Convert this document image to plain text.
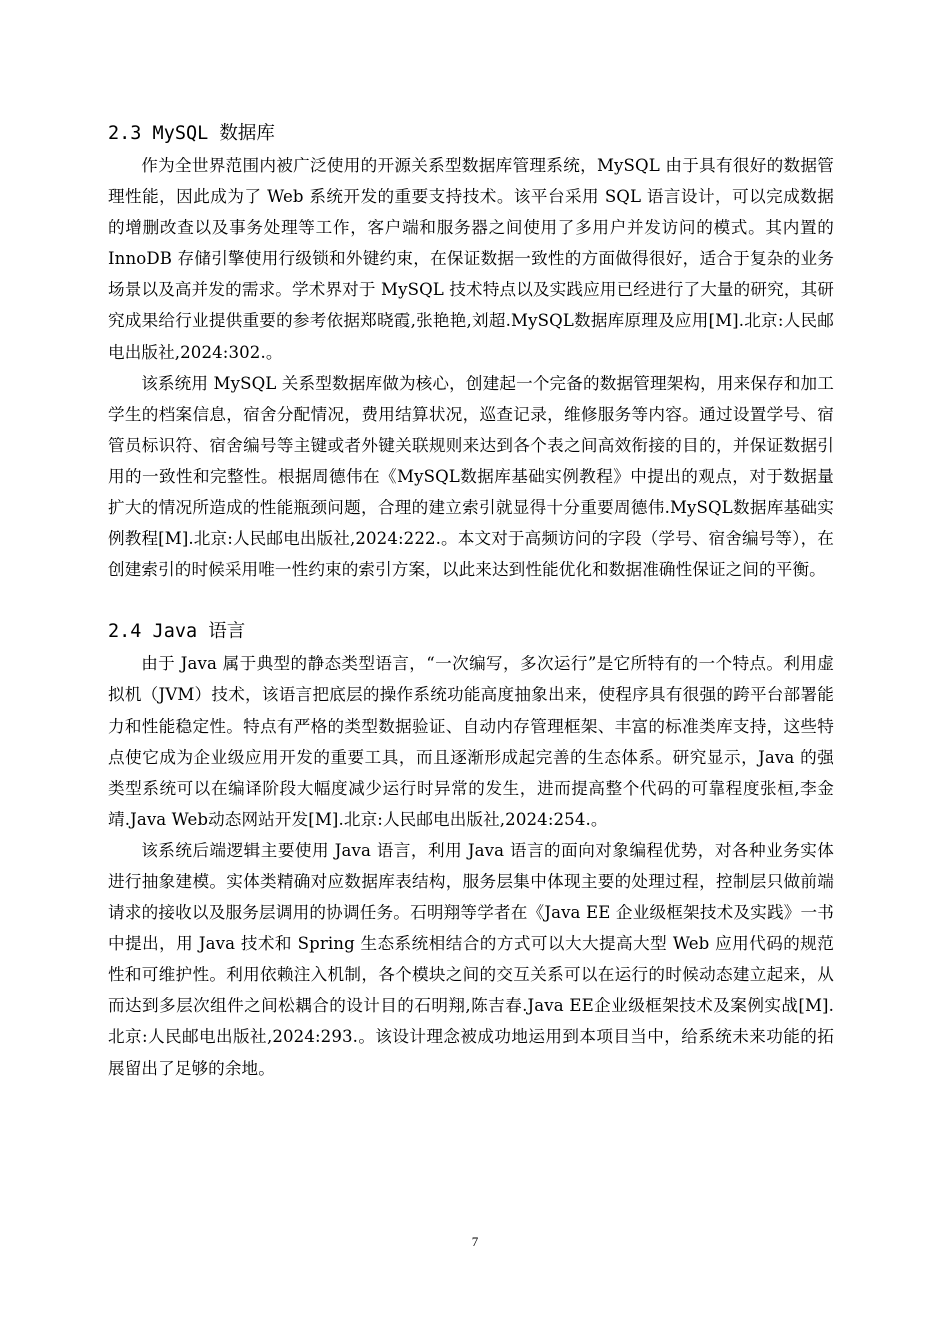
2.3 MySQL 数据库

作为全世界范围内被广泛使用的开源关系型数据库管理系统，MySQL 由于具有很好的数据管理性能，因此成为了 Web 系统开发的重要支持技术。该平台采用 SQL 语言设计，可以完成数据的增删改查以及事务处理等工作，客户端和服务器之间使用了多用户并发访问的模式。其内置的 InnoDB 存储引擎使用行级锁和外键约束，在保证数据一致性的方面做得很好，适合于复杂的业务场景以及高并发的需求。学术界对于 MySQL 技术特点以及实践应用已经进行了大量的研究，其研究成果给行业提供重要的参考依据郑晓霞,张艳艳,刘超.MySQL数据库原理及应用[M].北京:人民邮电出版社,2024:302.。

该系统用 MySQL 关系型数据库做为核心，创建起一个完备的数据管理架构，用来保存和加工学生的档案信息，宿舍分配情况，费用结算状况，巡查记录，维修服务等内容。通过设置学号、宿管员标识符、宿舍编号等主键或者外键关联规则来达到各个表之间高效衔接的目的，并保证数据引用的一致性和完整性。根据周德伟在《MySQL数据库基础实例教程》中提出的观点，对于数据量扩大的情况所造成的性能瓶颈问题，合理的建立索引就显得十分重要周德伟.MySQL数据库基础实例教程[M].北京:人民邮电出版社,2024:222.。本文对于高频访问的字段（学号、宿舍编号等），在创建索引的时候采用唯一性约束的索引方案，以此来达到性能优化和数据准确性保证之间的平衡。

2.4 Java 语言

由于 Java 属于典型的静态类型语言，“一次编写，多次运行”是它所特有的一个特点。利用虚拟机（JVM）技术，该语言把底层的操作系统功能高度抽象出来，使程序具有很强的跨平台部署能力和性能稳定性。特点有严格的类型数据验证、自动内存管理框架、丰富的标准类库支持，这些特点使它成为企业级应用开发的重要工具，而且逐渐形成起完善的生态体系。研究显示，Java 的强类型系统可以在编译阶段大幅度减少运行时异常的发生，进而提高整个代码的可靠程度张桓,李金靖.Java Web动态网站开发[M].北京:人民邮电出版社,2024:254.。

该系统后端逻辑主要使用 Java 语言，利用 Java 语言的面向对象编程优势，对各种业务实体进行抽象建模。实体类精确对应数据库表结构，服务层集中体现主要的处理过程，控制层只做前端请求的接收以及服务层调用的协调任务。石明翔等学者在《Java EE 企业级框架技术及实践》一书中提出，用 Java 技术和 Spring 生态系统相结合的方式可以大大提高大型 Web 应用代码的规范性和可维护性。利用依赖注入机制，各个模块之间的交互关系可以在运行的时候动态建立起来，从而达到多层次组件之间松耦合的设计目的石明翔,陈吉春.Java EE企业级框架技术及案例实战[M].北京:人民邮电出版社,2024:293.。该设计理念被成功地运用到本项目当中，给系统未来功能的拓展留出了足够的余地。

7
